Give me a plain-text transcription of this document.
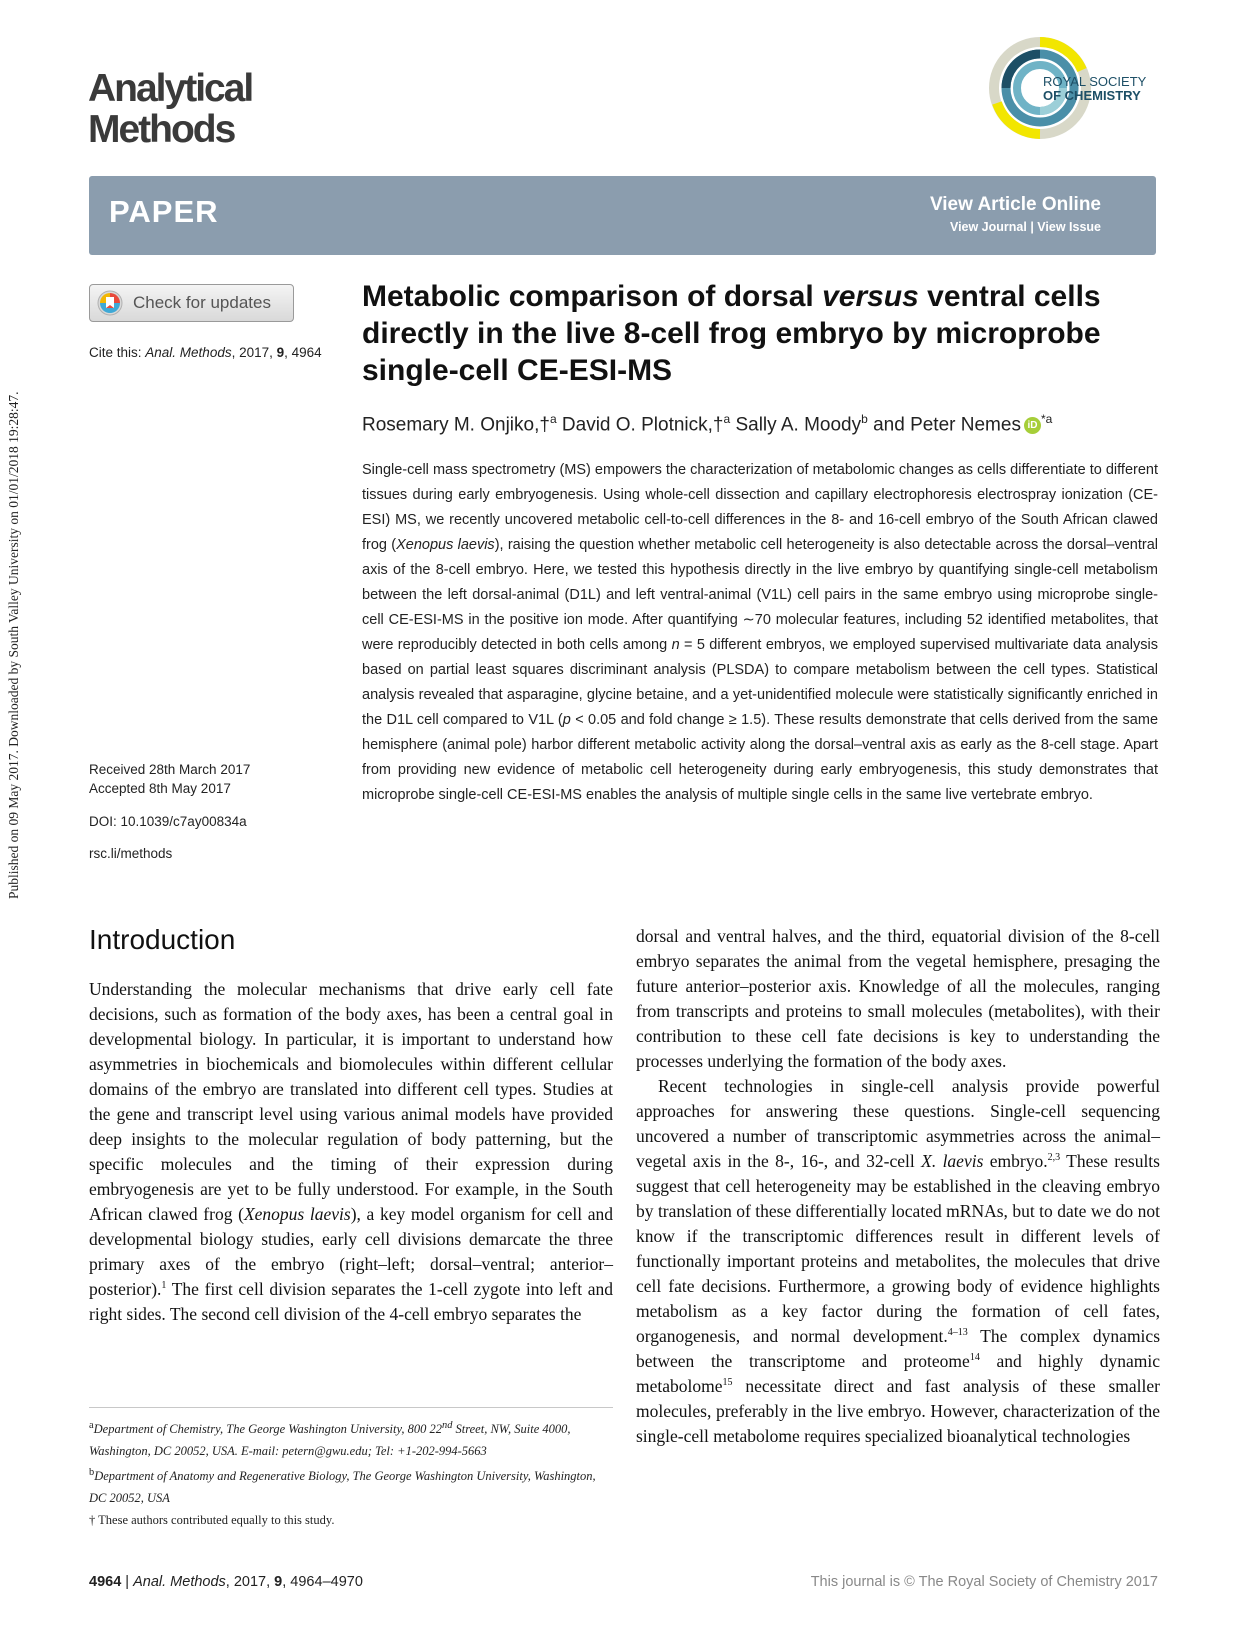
Published on 09 May 2017. Downloaded by South Valley University on 01/01/2018 19:28:47.
Analytical
Methods
ROYAL SOCIETY
OF CHEMISTRY
PAPER	View Article Online
View Journal | View Issue
Check for updates
Cite this: Anal. Methods, 2017, 9, 4964
Received 28th March 2017
Accepted 8th May 2017
DOI: 10.1039/c7ay00834a
rsc.li/methods
Metabolic comparison of dorsal versus ventral cells directly in the live 8-cell frog embryo by microprobe single-cell CE-ESI-MS
Rosemary M. Onjiko,†$^a$ David O. Plotnick,†$^a$ Sally A. Moody$^b$ and Peter Nemes iD $^{*a}$

Single-cell mass spectrometry (MS) empowers the characterization of metabolomic changes as cells differentiate to different tissues during early embryogenesis. Using whole-cell dissection and capillary electrophoresis electrospray ionization (CE-ESI) MS, we recently uncovered metabolic cell-to-cell differences in the 8- and 16-cell embryo of the South African clawed frog (Xenopus laevis), raising the question whether metabolic cell heterogeneity is also detectable across the dorsal–ventral axis of the 8-cell embryo. Here, we tested this hypothesis directly in the live embryo by quantifying single-cell metabolism between the left dorsal-animal (D1L) and left ventral-animal (V1L) cell pairs in the same embryo using microprobe single-cell CE-ESI-MS in the positive ion mode. After quantifying ∼70 molecular features, including 52 identified metabolites, that were reproducibly detected in both cells among n = 5 different embryos, we employed supervised multivariate data analysis based on partial least squares discriminant analysis (PLSDA) to compare metabolism between the cell types. Statistical analysis revealed that asparagine, glycine betaine, and a yet-unidentified molecule were statistically significantly enriched in the D1L cell compared to V1L (p < 0.05 and fold change ≥ 1.5). These results demonstrate that cells derived from the same hemisphere (animal pole) harbor different metabolic activity along the dorsal–ventral axis as early as the 8-cell stage. Apart from providing new evidence of metabolic cell heterogeneity during early embryogenesis, this study demonstrates that microprobe single-cell CE-ESI-MS enables the analysis of multiple single cells in the same live vertebrate embryo.

Introduction

Understanding the molecular mechanisms that drive early cell fate decisions, such as formation of the body axes, has been a central goal in developmental biology. In particular, it is important to understand how asymmetries in biochemicals and biomolecules within different cellular domains of the embryo are translated into different cell types. Studies at the gene and transcript level using various animal models have provided deep insights to the molecular regulation of body patterning, but the specific molecules and the timing of their expression during embryogenesis are yet to be fully understood. For example, in the South African clawed frog (Xenopus laevis), a key model organism for cell and developmental biology studies, early cell divisions demarcate the three primary axes of the embryo (right–left; dorsal–ventral; anterior–posterior).$^1$ The first cell division separates the 1-cell zygote into left and right sides. The second cell division of the 4-cell embryo separates the

dorsal and ventral halves, and the third, equatorial division of the 8-cell embryo separates the animal from the vegetal hemisphere, presaging the future anterior–posterior axis. Knowledge of all the molecules, ranging from transcripts and proteins to small molecules (metabolites), with their contribution to these cell fate decisions is key to understanding the processes underlying the formation of the body axes.

Recent technologies in single-cell analysis provide powerful approaches for answering these questions. Single-cell sequencing uncovered a number of transcriptomic asymmetries across the animal–vegetal axis in the 8-, 16-, and 32-cell X. laevis embryo.$^{2,3}$ These results suggest that cell heterogeneity may be established in the cleaving embryo by translation of these differentially located mRNAs, but to date we do not know if the transcriptomic differences result in different levels of functionally important proteins and metabolites, the molecules that drive cell fate decisions. Furthermore, a growing body of evidence highlights metabolism as a key factor during the formation of cell fates, organogenesis, and normal development.$^{4-13}$ The complex dynamics between the transcriptome and proteome$^{14}$ and highly dynamic metabolome$^{15}$ necessitate direct and fast analysis of these smaller molecules, preferably in the live embryo. However, characterization of the single-cell metabolome requires specialized bioanalytical technologies

$^a$Department of Chemistry, The George Washington University, 800 22nd Street, NW, Suite 4000, Washington, DC 20052, USA. E-mail: petern@gwu.edu; Tel: +1-202-994-5663

$^b$Department of Anatomy and Regenerative Biology, The George Washington University, Washington, DC 20052, USA

† These authors contributed equally to this study.

4964 | Anal. Methods, 2017, 9, 4964–4970	This journal is © The Royal Society of Chemistry 2017
